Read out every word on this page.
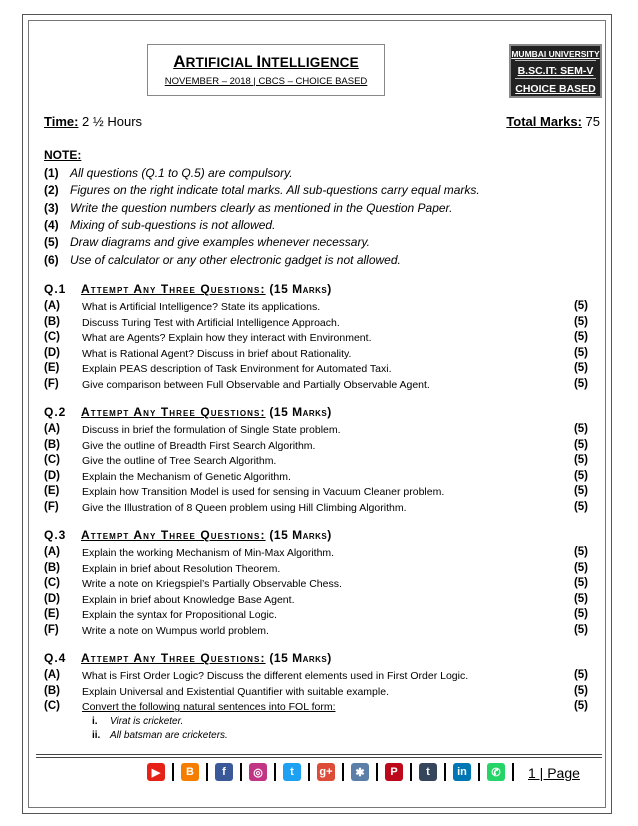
ARTIFICIAL INTELLIGENCE
NOVEMBER – 2018 | CBCS – CHOICE BASED
MUMBAI UNIVERSITY
B.SC.IT: SEM-V
CHOICE BASED
Time: 2 ½ Hours	Total Marks: 75
NOTE:
(1) All questions (Q.1 to Q.5) are compulsory.
(2) Figures on the right indicate total marks. All sub-questions carry equal marks.
(3) Write the question numbers clearly as mentioned in the Question Paper.
(4) Mixing of sub-questions is not allowed.
(5) Draw diagrams and give examples whenever necessary.
(6) Use of calculator or any other electronic gadget is not allowed.
Q.1 Attempt Any Three Questions: (15 Marks)
(A) What is Artificial Intelligence? State its applications.	(5)
(B) Discuss Turing Test with Artificial Intelligence Approach.	(5)
(C) What are Agents? Explain how they interact with Environment.	(5)
(D) What is Rational Agent? Discuss in brief about Rationality.	(5)
(E) Explain PEAS description of Task Environment for Automated Taxi.	(5)
(F) Give comparison between Full Observable and Partially Observable Agent.	(5)
Q.2 Attempt Any Three Questions: (15 Marks)
(A) Discuss in brief the formulation of Single State problem.	(5)
(B) Give the outline of Breadth First Search Algorithm.	(5)
(C) Give the outline of Tree Search Algorithm.	(5)
(D) Explain the Mechanism of Genetic Algorithm.	(5)
(E) Explain how Transition Model is used for sensing in Vacuum Cleaner problem.	(5)
(F) Give the Illustration of 8 Queen problem using Hill Climbing Algorithm.	(5)
Q.3 Attempt Any Three Questions: (15 Marks)
(A) Explain the working Mechanism of Min-Max Algorithm.	(5)
(B) Explain in brief about Resolution Theorem.	(5)
(C) Write a note on Kriegspiel’s Partially Observable Chess.	(5)
(D) Explain in brief about Knowledge Base Agent.	(5)
(E) Explain the syntax for Propositional Logic.	(5)
(F) Write a note on Wumpus world problem.	(5)
Q.4 Attempt Any Three Questions: (15 Marks)
(A) What is First Order Logic? Discuss the different elements used in First Order Logic.	(5)
(B) Explain Universal and Existential Quantifier with suitable example.	(5)
(C) Convert the following natural sentences into FOL form:	(5)
i. Virat is cricketer.
ii. All batsman are cricketers.
▶	B	f	◎	t	g+	✱	P	t	in	✆	1 | Page
